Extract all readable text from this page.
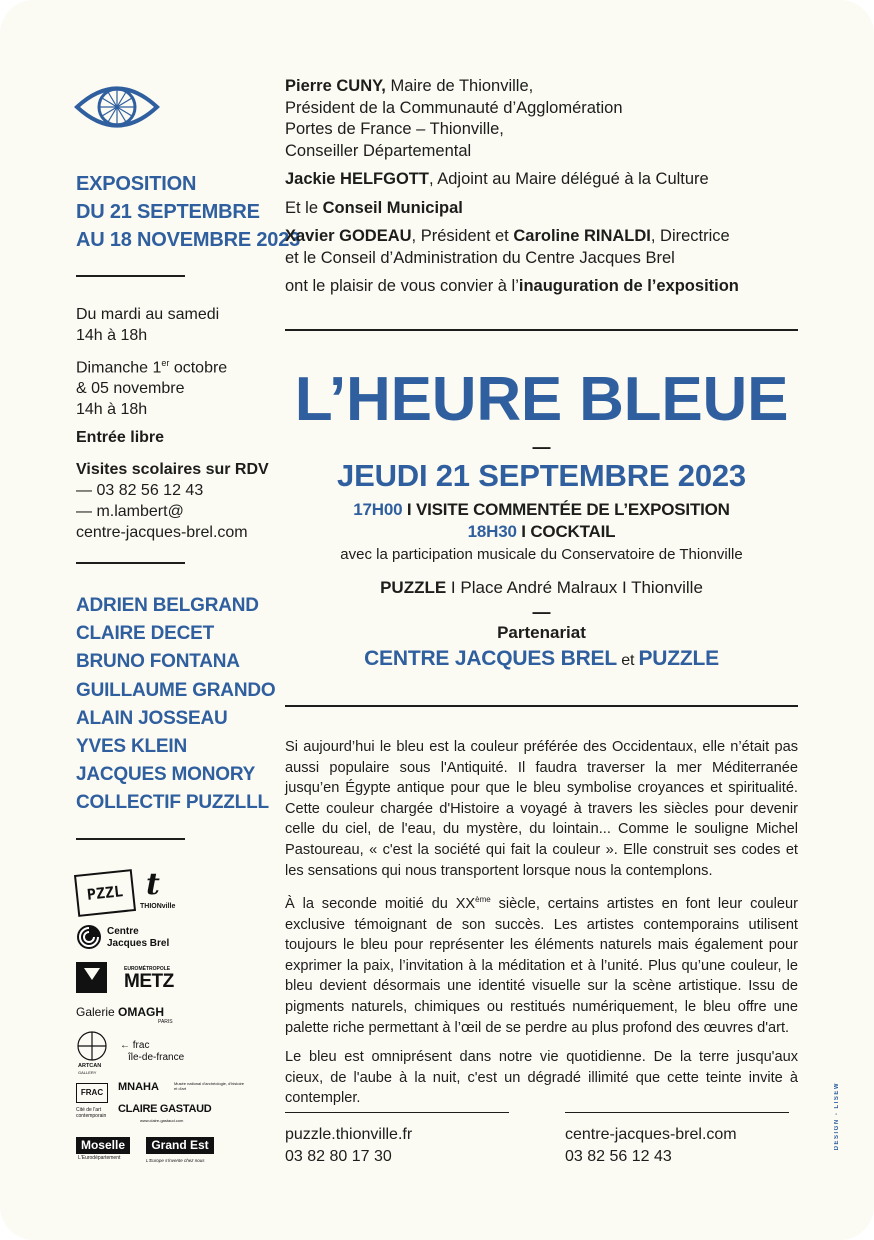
EXPOSITION
DU 21 SEPTEMBRE
AU 18 NOVEMBRE 2023

Du mardi au samedi
14h à 18h

Dimanche 1er octobre
& 05 novembre
14h à 18h

Entrée libre

Visites scolaires sur RDV
— 03 82 56 12 43
— m.lambert@
centre-jacques-brel.com

ADRIEN BELGRAND
CLAIRE DECET
BRUNO FONTANA
GUILLAUME GRANDO
ALAIN JOSSEAU
YVES KLEIN
JACQUES MONORY
COLLECTIF PUZZLLL
PZZL t
THIONville
Centre
Jacques Brel
EUROMÉTROPOLE
METZ
Galerie OMAGH
PARIS
ARTCAN
GALLERY
← frac
île-de-france
FRAC
Cité de l'art contemporain
MNAHA	Musée national d'archéologie, d'histoire et d'art
CLAIRE GASTAUD
www.claire-gastaud.com
Moselle
L'Eurodépartement
Grand Est
L'Europe s'invente chez nous

Pierre CUNY, Maire de Thionville,
Président de la Communauté d’Agglomération
Portes de France – Thionville,
Conseiller Départemental

Jackie HELFGOTT, Adjoint au Maire délégué à la Culture

Et le Conseil Municipal

Xavier GODEAU, Président et Caroline RINALDI, Directrice
et le Conseil d’Administration du Centre Jacques Brel

ont le plaisir de vous convier à l’inauguration de l’exposition

L’HEURE BLEUE
—
JEUDI 21 SEPTEMBRE 2023
17H00 I VISITE COMMENTÉE DE L’EXPOSITION
18H30 I COCKTAIL
avec la participation musicale du Conservatoire de Thionville
PUZZLE I Place André Malraux I Thionville
—
Partenariat
CENTRE JACQUES BREL et PUZZLE

Si aujourd’hui le bleu est la couleur préférée des Occidentaux, elle n’était pas aussi populaire sous l'Antiquité. Il faudra traverser la mer Méditerranée jusqu’en Égypte antique pour que le bleu symbolise croyances et spiritualité. Cette couleur chargée d'Histoire a voyagé à travers les siècles pour devenir celle du ciel, de l'eau, du mystère, du lointain... Comme le souligne Michel Pastoureau, « c'est la société qui fait la couleur ». Elle construit ses codes et les sensations qui nous transportent lorsque nous la contemplons.

À la seconde moitié du XXème siècle, certains artistes en font leur couleur exclusive témoignant de son succès. Les artistes contemporains utilisent toujours le bleu pour représenter les éléments naturels mais également pour exprimer la paix, l’invitation à la méditation et à l’unité. Plus qu’une couleur, le bleu devient désormais une identité visuelle sur la scène artistique. Issu de pigments naturels, chimiques ou restitués numériquement, le bleu offre une palette riche permettant à l’œil de se perdre au plus profond des œuvres d'art.

Le bleu est omniprésent dans notre vie quotidienne. De la terre jusqu'aux cieux, de l'aube à la nuit, c'est un dégradé illimité que cette teinte invite à contempler.

puzzle.thionville.fr
03 82 80 17 30
centre-jacques-brel.com
03 82 56 12 43
DESIGN - LISEW
